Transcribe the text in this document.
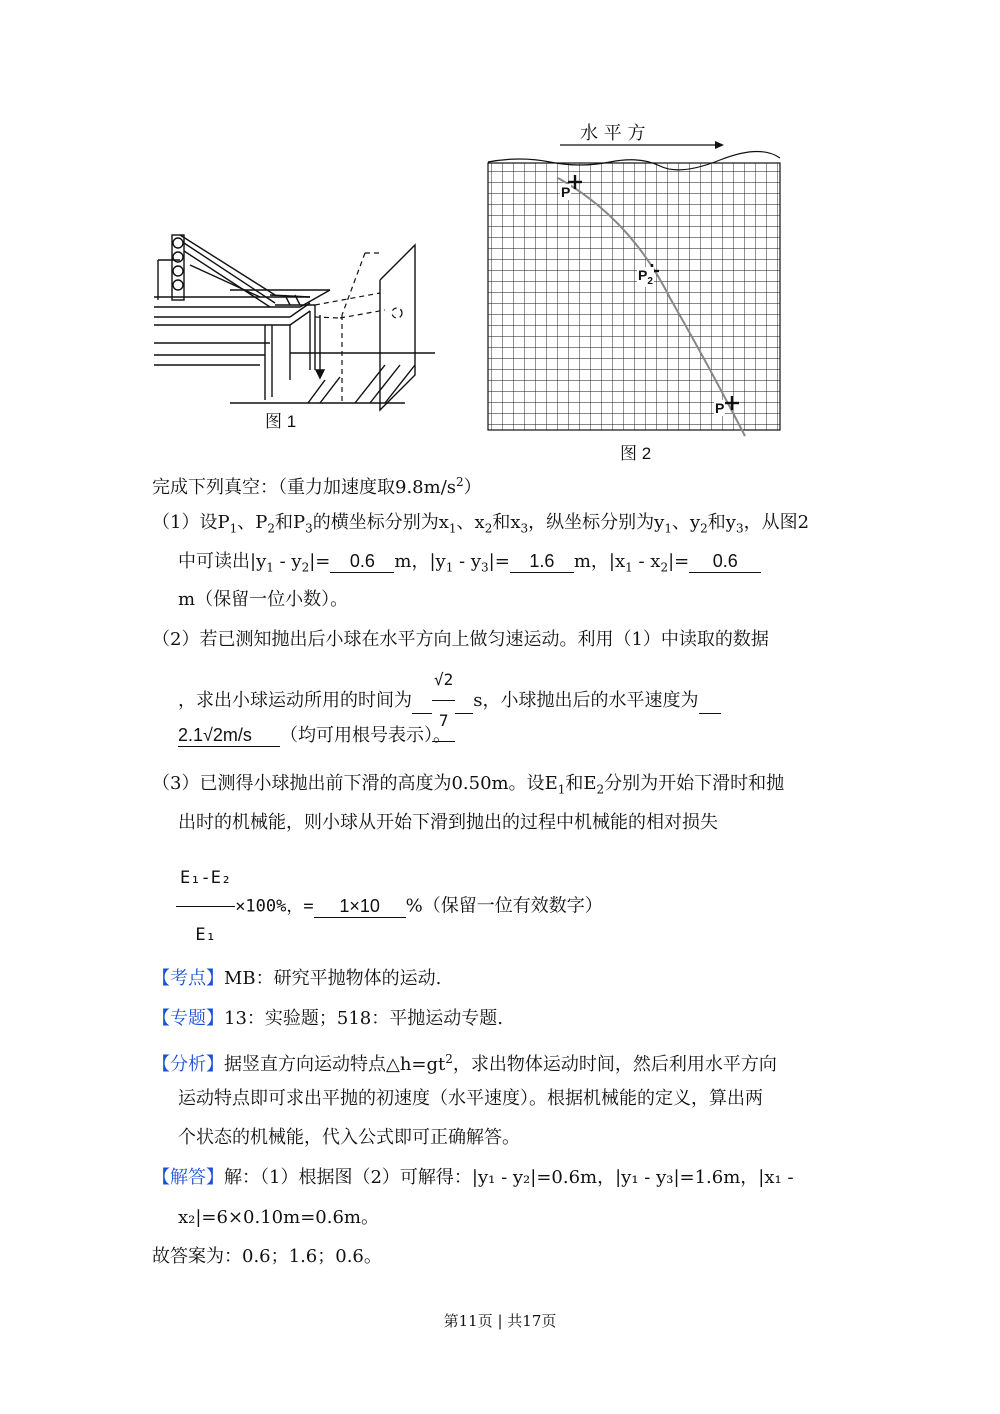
图 1
水 平 方
P
$P_2$
P
图 2
完成下列真空：（重力加速度取$9.8m/s^2$）
（1）设$P_1$、$P_2$和$P_3$的横坐标分别为$x_1$、$x_2$和$x_3$，纵坐标分别为$y_1$、$y_2$和$y_3$，从图2
中可读出$|y_1 - y_2|= 0.6$ m，$|y_1 - y_3|= 1.6$ m，$|x_1 - x_2|= 0.6$
m（保留一位小数）。
（2）若已测知抛出后小球在水平方向上做匀速运动。利用（1）中读取的数据
，求出小球运动所用的时间为 $\frac{√2}{7}$ s，小球抛出后的水平速度为
2.1√2m/s （均可用根号表示）。
（3）已测得小球抛出前下滑的高度为0.50m。设$E_1$和$E_2$分别为开始下滑时和抛
出时的机械能，则小球从开始下滑到抛出的过程中机械能的相对损失
$\frac{\text{E₁-E₂}}{\text{E₁}} \times 100\%$，= 1×10 %（保留一位有效数字）
【考点】MB：研究平抛物体的运动.
【专题】13：实验题；518：平抛运动专题.
【分析】据竖直方向运动特点$\triangle h=gt^2$，求出物体运动时间，然后利用水平方向
运动特点即可求出平抛的初速度（水平速度）。根据机械能的定义，算出两
个状态的机械能，代入公式即可正确解答。
【解答】解：（1）根据图（2）可解得：|y₁ - y₂|=0.6m，|y₁ - y₃|=1.6m，|x₁ -
x₂|=6×0.10m=0.6m。
故答案为：0.6；1.6；0.6。
第11页 | 共17页
